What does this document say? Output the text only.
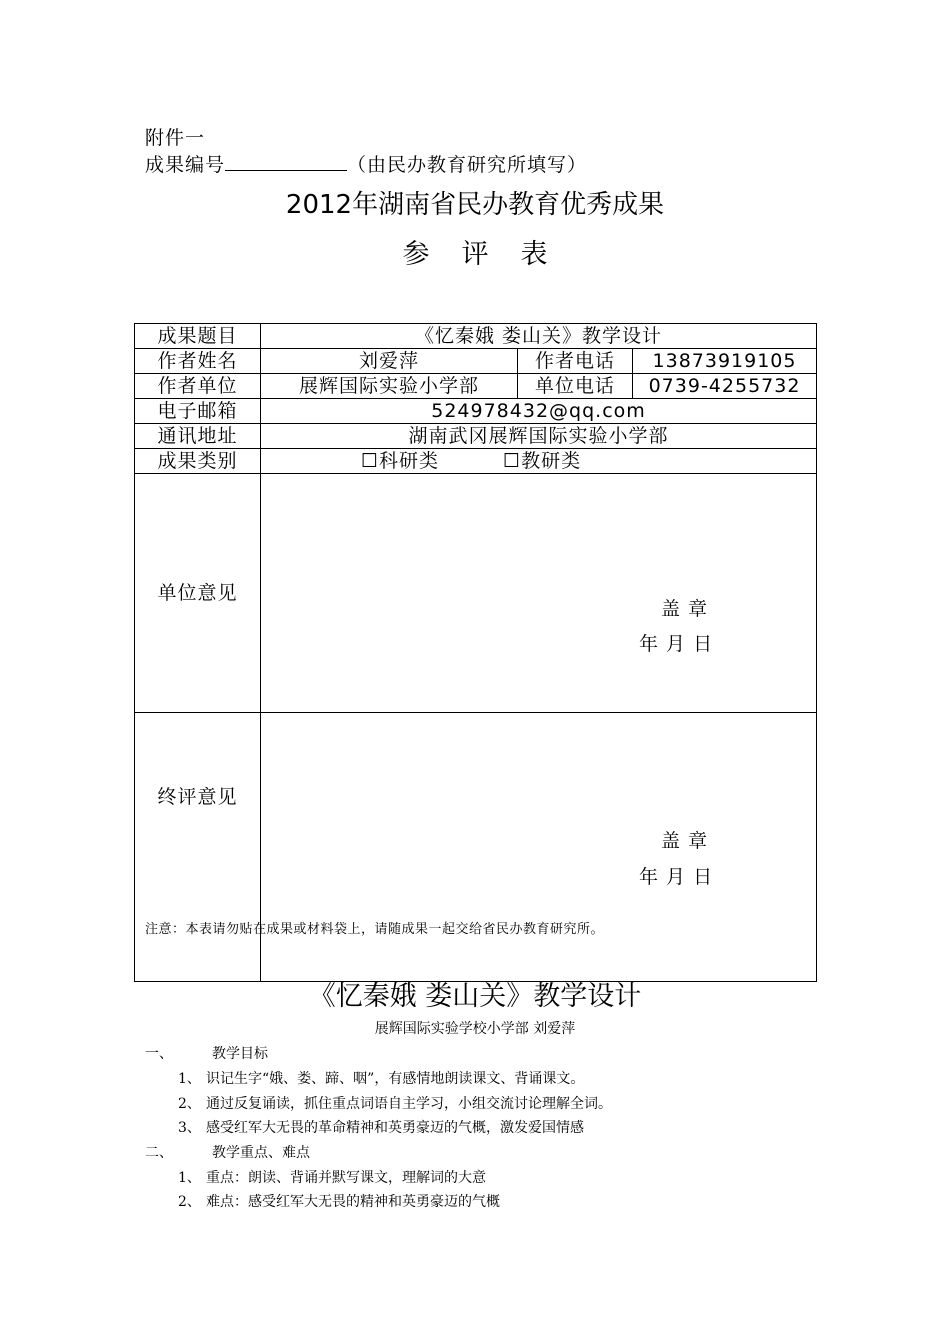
附件一
成果编号	（由民办教育研究所填写）
2012年湖南省民办教育优秀成果
参 评 表
成果题目	《忆秦娥 娄山关》教学设计		
作者姓名	刘爱萍	作者电话	13873919105
作者单位	展辉国际实验小学部	单位电话	0739-4255732
电子邮箱	524978432@qq.com		
通讯地址	湖南武冈展辉国际实验小学部		
成果类别	☐科研类 ☐教研类		
单位意见	盖 章
年 月 日		

终评意见	盖 章
年 月 日		
注意：本表请勿贴在成果或材料袋上，请随成果一起交给省民办教育研究所。
《忆秦娥 娄山关》教学设计
展辉国际实验学校小学部 刘爱萍
一、	教学目标
1、 识记生字“娥、娄、蹄、咽”，有感情地朗读课文、背诵课文。
2、 通过反复诵读，抓住重点词语自主学习，小组交流讨论理解全词。
3、 感受红军大无畏的革命精神和英勇豪迈的气概，激发爱国情感
二、	教学重点、难点
1、 重点：朗读、背诵并默写课文，理解词的大意
2、 难点：感受红军大无畏的精神和英勇豪迈的气概
